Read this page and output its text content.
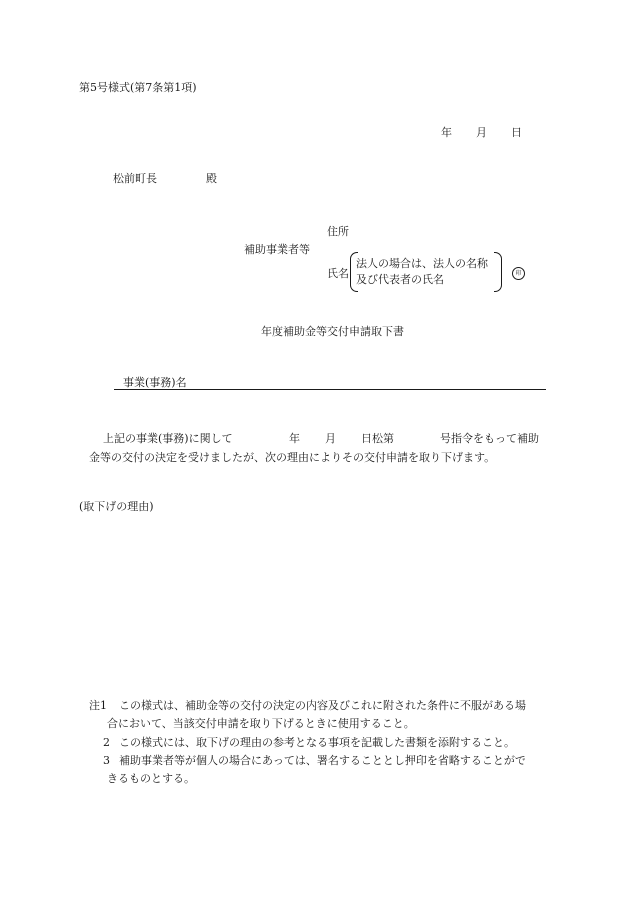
第5号様式(第7条第1項)
年 月 日
松前町長	殿
住所
補助事業者等
氏名
法人の場合は、法人の名称
及び代表者の氏名	印
年度補助金等交付申請取下書
事業(事務)名
上記の事業(事務)に関して	年 月 日松第	号指令をもって補助
金等の交付の決定を受けましたが、次の理由によりその交付申請を取り下げます。
(取下げの理由)
注1 この様式は、補助金等の交付の決定の内容及びこれに附された条件に不服がある場
合において、当該交付申請を取り下げるときに使用すること。
2 この様式には、取下げの理由の参考となる事項を記載した書類を添附すること。
3 補助事業者等が個人の場合にあっては、署名することとし押印を省略することがで
きるものとする。
